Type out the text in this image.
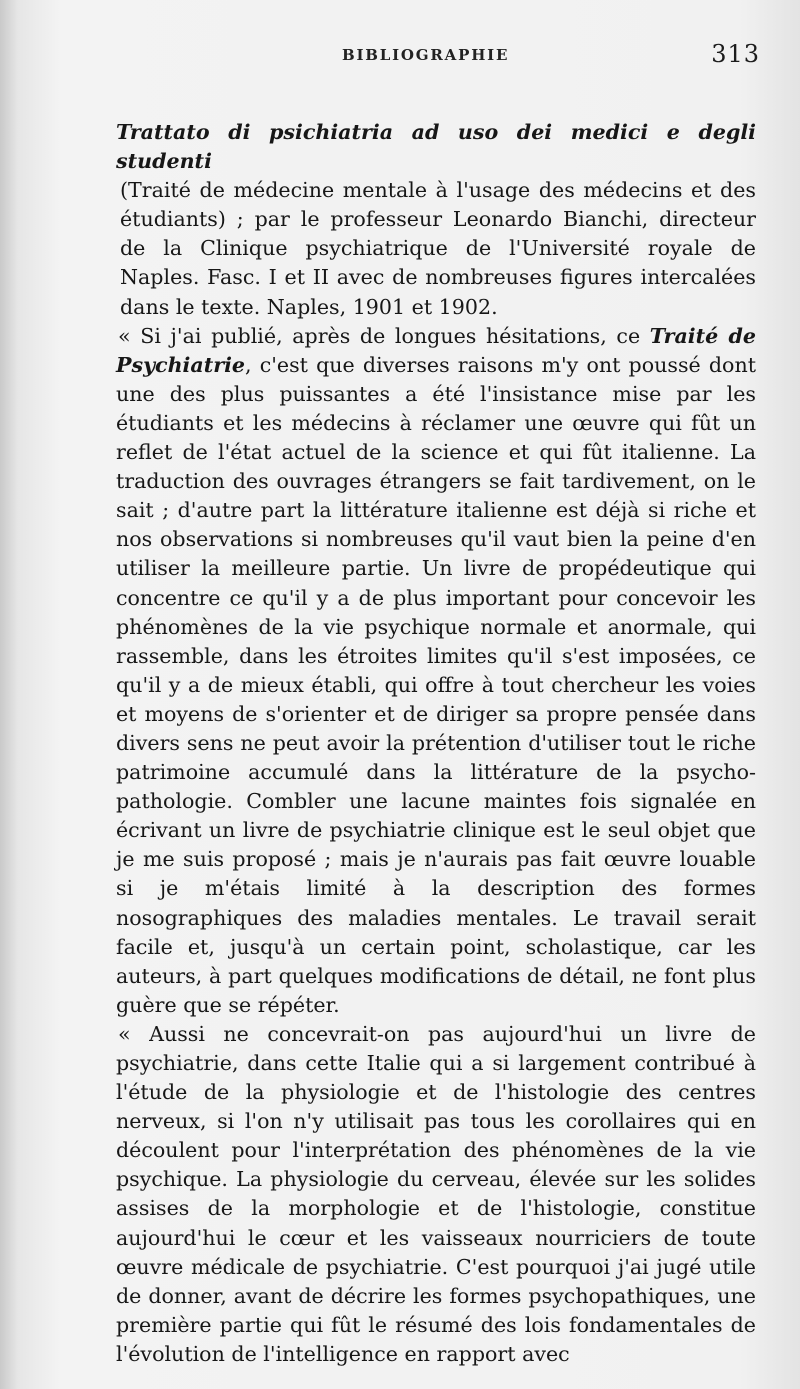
BIBLIOGRAPHIE	313

Trattato di psichiatria ad uso dei medici e degli studenti

(Traité de médecine mentale à l'usage des médecins et des étudiants) ; par le professeur Leonardo Bianchi, directeur de la Clinique psychiatrique de l'Université royale de Naples. Fasc. I et II avec de nombreuses figures intercalées dans le texte. Naples, 1901 et 1902.

« Si j'ai publié, après de longues hésitations, ce Traité de Psychiatrie, c'est que diverses raisons m'y ont poussé dont une des plus puissantes a été l'insistance mise par les étudiants et les médecins à réclamer une œuvre qui fût un reflet de l'état actuel de la science et qui fût italienne. La traduction des ouvrages étrangers se fait tardivement, on le sait ; d'autre part la littérature italienne est déjà si riche et nos observations si nombreuses qu'il vaut bien la peine d'en utiliser la meilleure partie. Un livre de propédeutique qui concentre ce qu'il y a de plus important pour concevoir les phénomènes de la vie psychique normale et anormale, qui rassemble, dans les étroites limites qu'il s'est imposées, ce qu'il y a de mieux établi, qui offre à tout chercheur les voies et moyens de s'orienter et de diriger sa propre pensée dans divers sens ne peut avoir la prétention d'utiliser tout le riche patrimoine accumulé dans la littérature de la psycho-pathologie. Combler une lacune maintes fois signalée en écrivant un livre de psychiatrie clinique est le seul objet que je me suis proposé ; mais je n'aurais pas fait œuvre louable si je m'étais limité à la description des formes nosographiques des maladies mentales. Le travail serait facile et, jusqu'à un certain point, scholastique, car les auteurs, à part quelques modifications de détail, ne font plus guère que se répéter.

« Aussi ne concevrait-on pas aujourd'hui un livre de psychiatrie, dans cette Italie qui a si largement contribué à l'étude de la physiologie et de l'histologie des centres nerveux, si l'on n'y utilisait pas tous les corollaires qui en découlent pour l'interprétation des phénomènes de la vie psychique. La physiologie du cerveau, élevée sur les solides assises de la morphologie et de l'histologie, constitue aujourd'hui le cœur et les vaisseaux nourriciers de toute œuvre médicale de psychiatrie. C'est pourquoi j'ai jugé utile de donner, avant de décrire les formes psychopathiques, une première partie qui fût le résumé des lois fondamentales de l'évolution de l'intelligence en rapport avec
